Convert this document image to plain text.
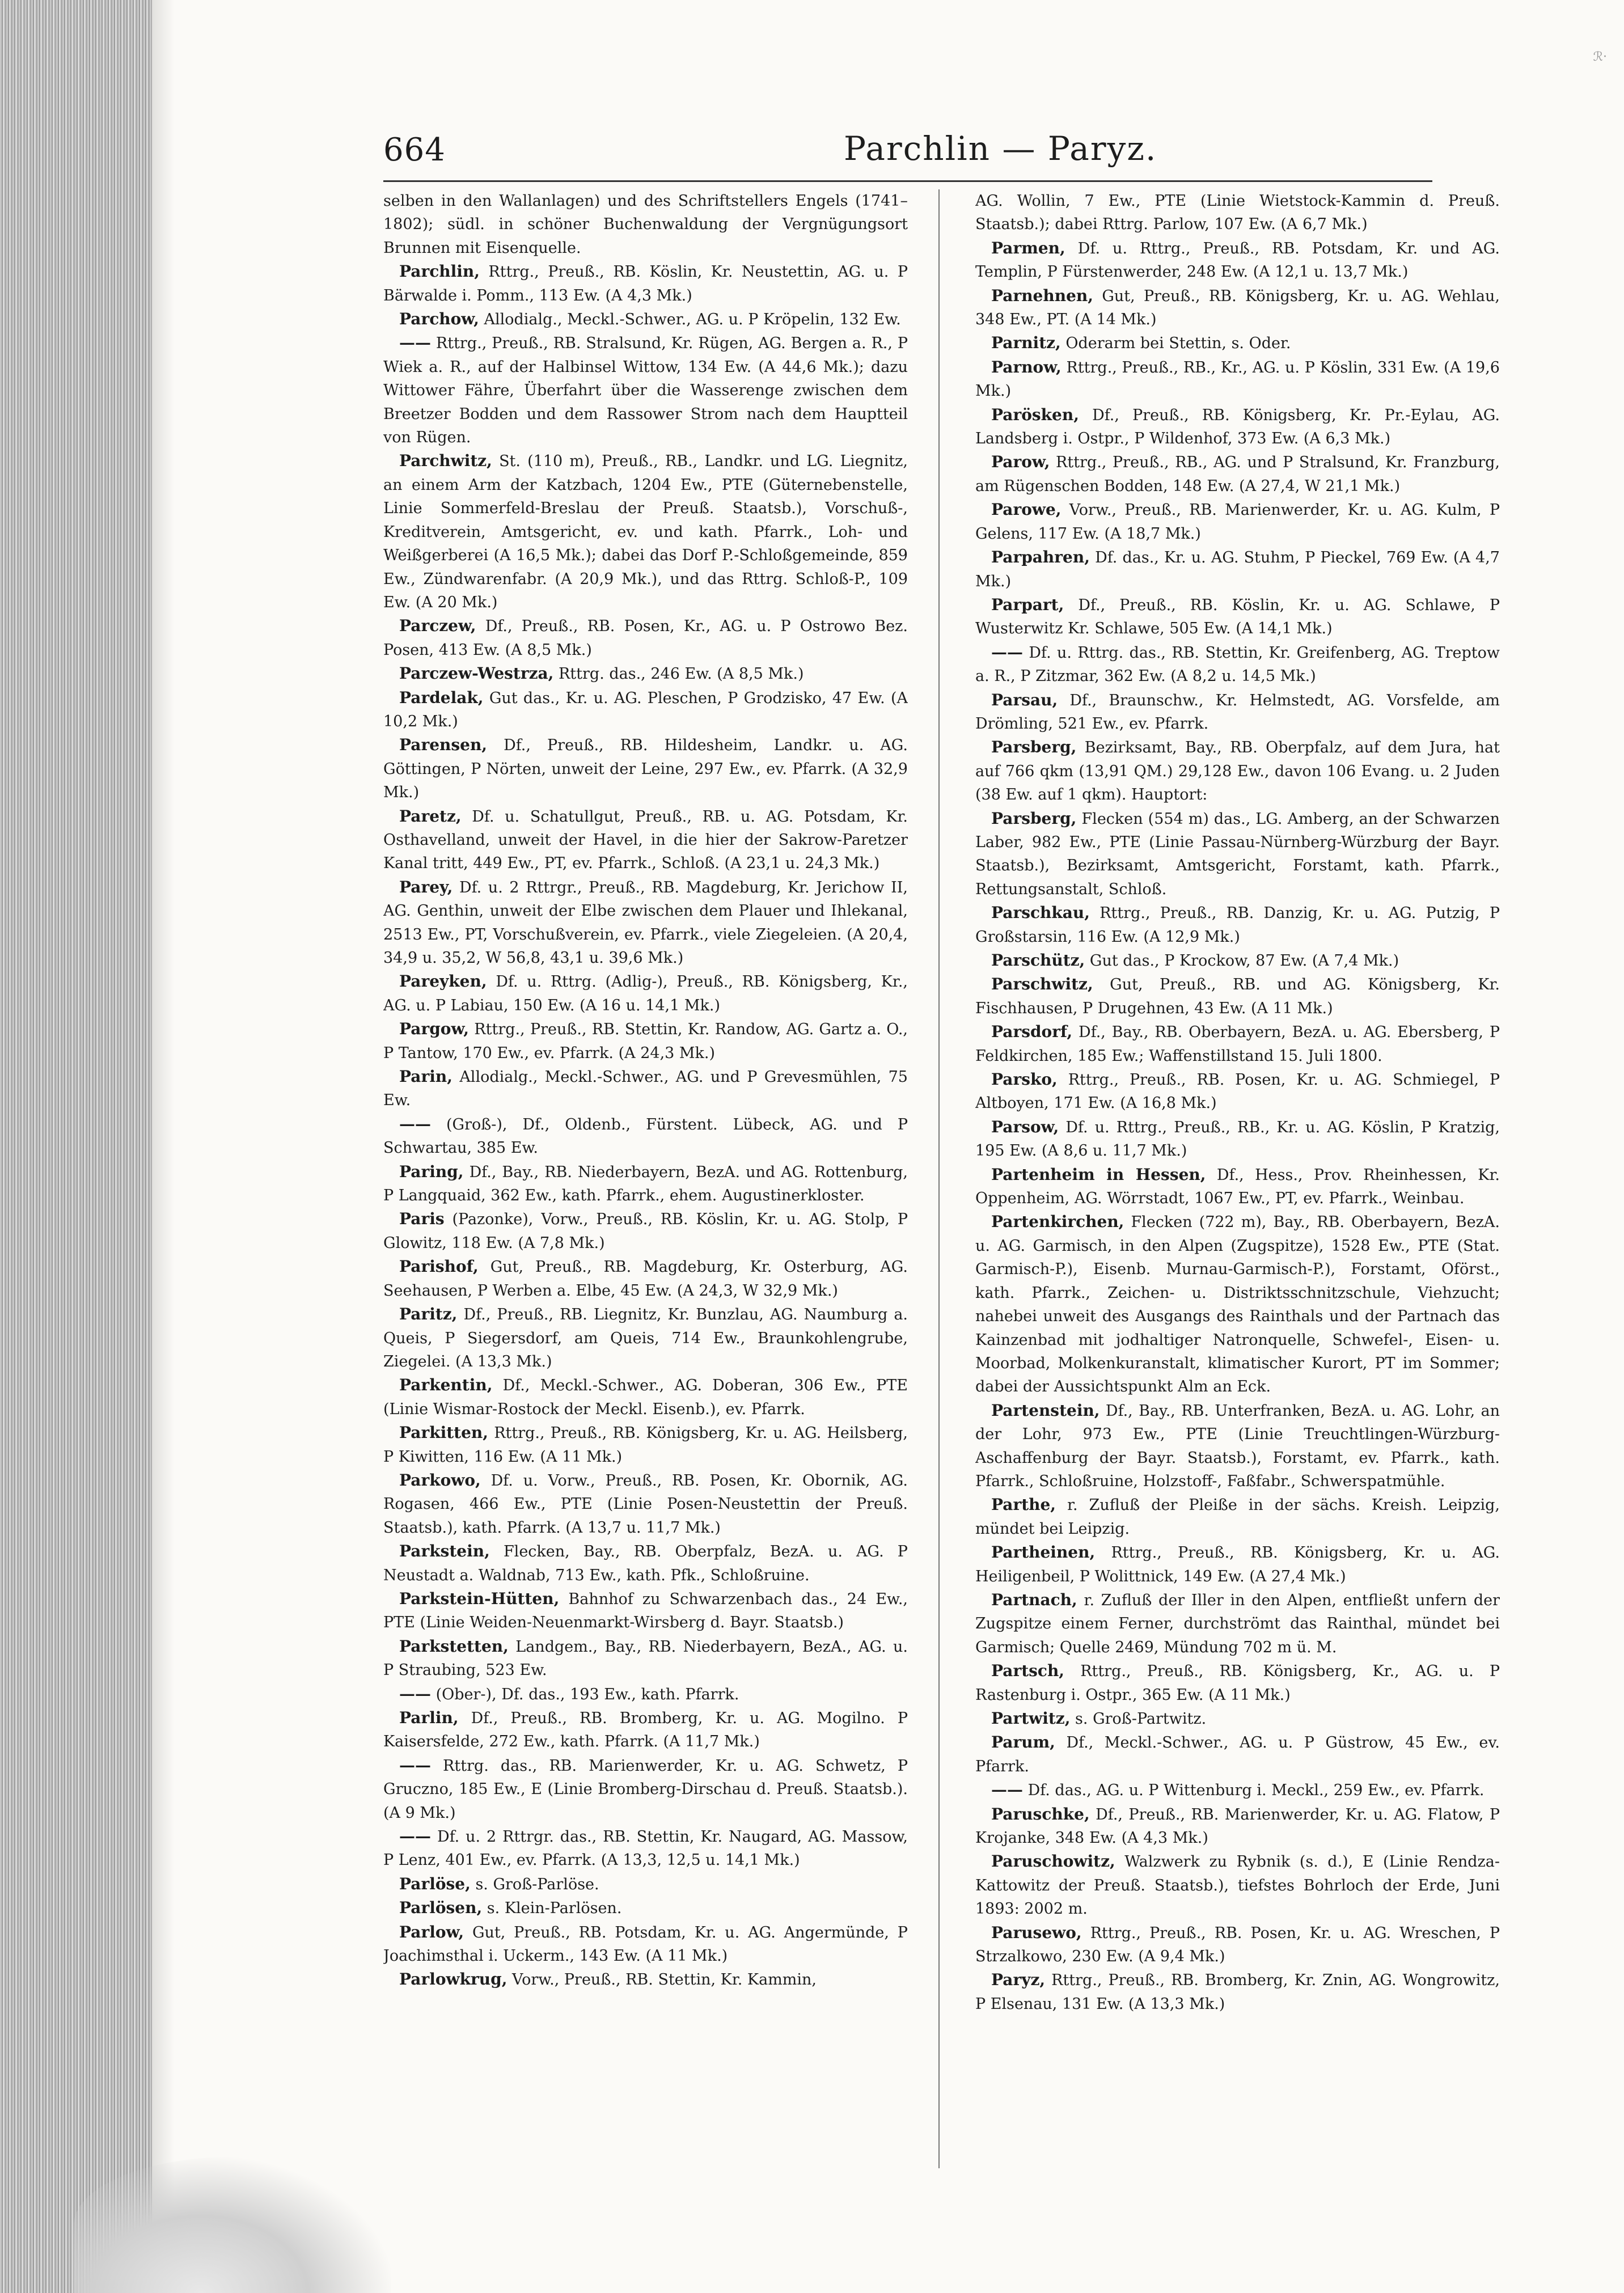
ℛ·
664	Parchlin — Paryz.

selben in den Wallanlagen) und des Schriftstellers Engels (1741–1802); südl. in schöner Buchenwaldung der Vergnügungsort Brunnen mit Eisenquelle.

Parchlin, Rttrg., Preuß., RB. Köslin, Kr. Neustettin, AG. u. P Bärwalde i. Pomm., 113 Ew. (A 4,3 Mk.)

Parchow, Allodialg., Meckl.-Schwer., AG. u. P Kröpelin, 132 Ew.

—— Rttrg., Preuß., RB. Stralsund, Kr. Rügen, AG. Bergen a. R., P Wiek a. R., auf der Halbinsel Wittow, 134 Ew. (A 44,6 Mk.); dazu Wittower Fähre, Überfahrt über die Wasserenge zwischen dem Breetzer Bodden und dem Rassower Strom nach dem Hauptteil von Rügen.

Parchwitz, St. (110 m), Preuß., RB., Landkr. und LG. Liegnitz, an einem Arm der Katzbach, 1204 Ew., PTE (Güternebenstelle, Linie Sommerfeld-Breslau der Preuß. Staatsb.), Vorschuß-, Kreditverein, Amtsgericht, ev. und kath. Pfarrk., Loh- und Weißgerberei (A 16,5 Mk.); dabei das Dorf P.-Schloßgemeinde, 859 Ew., Zündwarenfabr. (A 20,9 Mk.), und das Rttrg. Schloß-P., 109 Ew. (A 20 Mk.)

Parczew, Df., Preuß., RB. Posen, Kr., AG. u. P Ostrowo Bez. Posen, 413 Ew. (A 8,5 Mk.)

Parczew-Westrza, Rttrg. das., 246 Ew. (A 8,5 Mk.)

Pardelak, Gut das., Kr. u. AG. Pleschen, P Grodzisko, 47 Ew. (A 10,2 Mk.)

Parensen, Df., Preuß., RB. Hildesheim, Landkr. u. AG. Göttingen, P Nörten, unweit der Leine, 297 Ew., ev. Pfarrk. (A 32,9 Mk.)

Paretz, Df. u. Schatullgut, Preuß., RB. u. AG. Potsdam, Kr. Osthavelland, unweit der Havel, in die hier der Sakrow-Paretzer Kanal tritt, 449 Ew., PT, ev. Pfarrk., Schloß. (A 23,1 u. 24,3 Mk.)

Parey, Df. u. 2 Rttrgr., Preuß., RB. Magdeburg, Kr. Jerichow II, AG. Genthin, unweit der Elbe zwischen dem Plauer und Ihlekanal, 2513 Ew., PT, Vorschußverein, ev. Pfarrk., viele Ziegeleien. (A 20,4, 34,9 u. 35,2, W 56,8, 43,1 u. 39,6 Mk.)

Pareyken, Df. u. Rttrg. (Adlig-), Preuß., RB. Königsberg, Kr., AG. u. P Labiau, 150 Ew. (A 16 u. 14,1 Mk.)

Pargow, Rttrg., Preuß., RB. Stettin, Kr. Randow, AG. Gartz a. O., P Tantow, 170 Ew., ev. Pfarrk. (A 24,3 Mk.)

Parin, Allodialg., Meckl.-Schwer., AG. und P Grevesmühlen, 75 Ew.

—— (Groß-), Df., Oldenb., Fürstent. Lübeck, AG. und P Schwartau, 385 Ew.

Paring, Df., Bay., RB. Niederbayern, BezA. und AG. Rottenburg, P Langquaid, 362 Ew., kath. Pfarrk., ehem. Augustinerkloster.

Paris (Pazonke), Vorw., Preuß., RB. Köslin, Kr. u. AG. Stolp, P Glowitz, 118 Ew. (A 7,8 Mk.)

Parishof, Gut, Preuß., RB. Magdeburg, Kr. Osterburg, AG. Seehausen, P Werben a. Elbe, 45 Ew. (A 24,3, W 32,9 Mk.)

Paritz, Df., Preuß., RB. Liegnitz, Kr. Bunzlau, AG. Naumburg a. Queis, P Siegersdorf, am Queis, 714 Ew., Braunkohlengrube, Ziegelei. (A 13,3 Mk.)

Parkentin, Df., Meckl.-Schwer., AG. Doberan, 306 Ew., PTE (Linie Wismar-Rostock der Meckl. Eisenb.), ev. Pfarrk.

Parkitten, Rttrg., Preuß., RB. Königsberg, Kr. u. AG. Heilsberg, P Kiwitten, 116 Ew. (A 11 Mk.)

Parkowo, Df. u. Vorw., Preuß., RB. Posen, Kr. Obornik, AG. Rogasen, 466 Ew., PTE (Linie Posen-Neustettin der Preuß. Staatsb.), kath. Pfarrk. (A 13,7 u. 11,7 Mk.)

Parkstein, Flecken, Bay., RB. Oberpfalz, BezA. u. AG. P Neustadt a. Waldnab, 713 Ew., kath. Pfk., Schloßruine.

Parkstein-Hütten, Bahnhof zu Schwarzenbach das., 24 Ew., PTE (Linie Weiden-Neuenmarkt-Wirsberg d. Bayr. Staatsb.)

Parkstetten, Landgem., Bay., RB. Niederbayern, BezA., AG. u. P Straubing, 523 Ew.

—— (Ober-), Df. das., 193 Ew., kath. Pfarrk.

Parlin, Df., Preuß., RB. Bromberg, Kr. u. AG. Mogilno. P Kaisersfelde, 272 Ew., kath. Pfarrk. (A 11,7 Mk.)

—— Rttrg. das., RB. Marienwerder, Kr. u. AG. Schwetz, P Gruczno, 185 Ew., E (Linie Bromberg-Dirschau d. Preuß. Staatsb.). (A 9 Mk.)

—— Df. u. 2 Rttrgr. das., RB. Stettin, Kr. Naugard, AG. Massow, P Lenz, 401 Ew., ev. Pfarrk. (A 13,3, 12,5 u. 14,1 Mk.)

Parlöse, s. Groß-Parlöse.

Parlösen, s. Klein-Parlösen.

Parlow, Gut, Preuß., RB. Potsdam, Kr. u. AG. Angermünde, P Joachimsthal i. Uckerm., 143 Ew. (A 11 Mk.)

Parlowkrug, Vorw., Preuß., RB. Stettin, Kr. Kammin,

AG. Wollin, 7 Ew., PTE (Linie Wietstock-Kammin d. Preuß. Staatsb.); dabei Rttrg. Parlow, 107 Ew. (A 6,7 Mk.)

Parmen, Df. u. Rttrg., Preuß., RB. Potsdam, Kr. und AG. Templin, P Fürstenwerder, 248 Ew. (A 12,1 u. 13,7 Mk.)

Parnehnen, Gut, Preuß., RB. Königsberg, Kr. u. AG. Wehlau, 348 Ew., PT. (A 14 Mk.)

Parnitz, Oderarm bei Stettin, s. Oder.

Parnow, Rttrg., Preuß., RB., Kr., AG. u. P Köslin, 331 Ew. (A 19,6 Mk.)

Parösken, Df., Preuß., RB. Königsberg, Kr. Pr.-Eylau, AG. Landsberg i. Ostpr., P Wildenhof, 373 Ew. (A 6,3 Mk.)

Parow, Rttrg., Preuß., RB., AG. und P Stralsund, Kr. Franzburg, am Rügenschen Bodden, 148 Ew. (A 27,4, W 21,1 Mk.)

Parowe, Vorw., Preuß., RB. Marienwerder, Kr. u. AG. Kulm, P Gelens, 117 Ew. (A 18,7 Mk.)

Parpahren, Df. das., Kr. u. AG. Stuhm, P Pieckel, 769 Ew. (A 4,7 Mk.)

Parpart, Df., Preuß., RB. Köslin, Kr. u. AG. Schlawe, P Wusterwitz Kr. Schlawe, 505 Ew. (A 14,1 Mk.)

—— Df. u. Rttrg. das., RB. Stettin, Kr. Greifenberg, AG. Treptow a. R., P Zitzmar, 362 Ew. (A 8,2 u. 14,5 Mk.)

Parsau, Df., Braunschw., Kr. Helmstedt, AG. Vorsfelde, am Drömling, 521 Ew., ev. Pfarrk.

Parsberg, Bezirksamt, Bay., RB. Oberpfalz, auf dem Jura, hat auf 766 qkm (13,91 QM.) 29,128 Ew., davon 106 Evang. u. 2 Juden (38 Ew. auf 1 qkm). Hauptort:

Parsberg, Flecken (554 m) das., LG. Amberg, an der Schwarzen Laber, 982 Ew., PTE (Linie Passau-Nürnberg-Würzburg der Bayr. Staatsb.), Bezirksamt, Amtsgericht, Forstamt, kath. Pfarrk., Rettungsanstalt, Schloß.

Parschkau, Rttrg., Preuß., RB. Danzig, Kr. u. AG. Putzig, P Großstarsin, 116 Ew. (A 12,9 Mk.)

Parschütz, Gut das., P Krockow, 87 Ew. (A 7,4 Mk.)

Parschwitz, Gut, Preuß., RB. und AG. Königsberg, Kr. Fischhausen, P Drugehnen, 43 Ew. (A 11 Mk.)

Parsdorf, Df., Bay., RB. Oberbayern, BezA. u. AG. Ebersberg, P Feldkirchen, 185 Ew.; Waffenstillstand 15. Juli 1800.

Parsko, Rttrg., Preuß., RB. Posen, Kr. u. AG. Schmiegel, P Altboyen, 171 Ew. (A 16,8 Mk.)

Parsow, Df. u. Rttrg., Preuß., RB., Kr. u. AG. Köslin, P Kratzig, 195 Ew. (A 8,6 u. 11,7 Mk.)

Partenheim in Hessen, Df., Hess., Prov. Rheinhessen, Kr. Oppenheim, AG. Wörrstadt, 1067 Ew., PT, ev. Pfarrk., Weinbau.

Partenkirchen, Flecken (722 m), Bay., RB. Oberbayern, BezA. u. AG. Garmisch, in den Alpen (Zugspitze), 1528 Ew., PTE (Stat. Garmisch-P.), Eisenb. Murnau-Garmisch-P.), Forstamt, Oförst., kath. Pfarrk., Zeichen- u. Distriktsschnitzschule, Viehzucht; nahebei unweit des Ausgangs des Rainthals und der Partnach das Kainzenbad mit jodhaltiger Natronquelle, Schwefel-, Eisen- u. Moorbad, Molkenkuranstalt, klimatischer Kurort, PT im Sommer; dabei der Aussichtspunkt Alm an Eck.

Partenstein, Df., Bay., RB. Unterfranken, BezA. u. AG. Lohr, an der Lohr, 973 Ew., PTE (Linie Treuchtlingen-Würzburg-Aschaffenburg der Bayr. Staatsb.), Forstamt, ev. Pfarrk., kath. Pfarrk., Schloßruine, Holzstoff-, Faßfabr., Schwerspatmühle.

Parthe, r. Zufluß der Pleiße in der sächs. Kreish. Leipzig, mündet bei Leipzig.

Partheinen, Rttrg., Preuß., RB. Königsberg, Kr. u. AG. Heiligenbeil, P Wolittnick, 149 Ew. (A 27,4 Mk.)

Partnach, r. Zufluß der Iller in den Alpen, entfließt unfern der Zugspitze einem Ferner, durchströmt das Rainthal, mündet bei Garmisch; Quelle 2469, Mündung 702 m ü. M.

Partsch, Rttrg., Preuß., RB. Königsberg, Kr., AG. u. P Rastenburg i. Ostpr., 365 Ew. (A 11 Mk.)

Partwitz, s. Groß-Partwitz.

Parum, Df., Meckl.-Schwer., AG. u. P Güstrow, 45 Ew., ev. Pfarrk.

—— Df. das., AG. u. P Wittenburg i. Meckl., 259 Ew., ev. Pfarrk.

Paruschke, Df., Preuß., RB. Marienwerder, Kr. u. AG. Flatow, P Krojanke, 348 Ew. (A 4,3 Mk.)

Paruschowitz, Walzwerk zu Rybnik (s. d.), E (Linie Rendza-Kattowitz der Preuß. Staatsb.), tiefstes Bohrloch der Erde, Juni 1893: 2002 m.

Parusewo, Rttrg., Preuß., RB. Posen, Kr. u. AG. Wreschen, P Strzalkowo, 230 Ew. (A 9,4 Mk.)

Paryz, Rttrg., Preuß., RB. Bromberg, Kr. Znin, AG. Wongrowitz, P Elsenau, 131 Ew. (A 13,3 Mk.)
